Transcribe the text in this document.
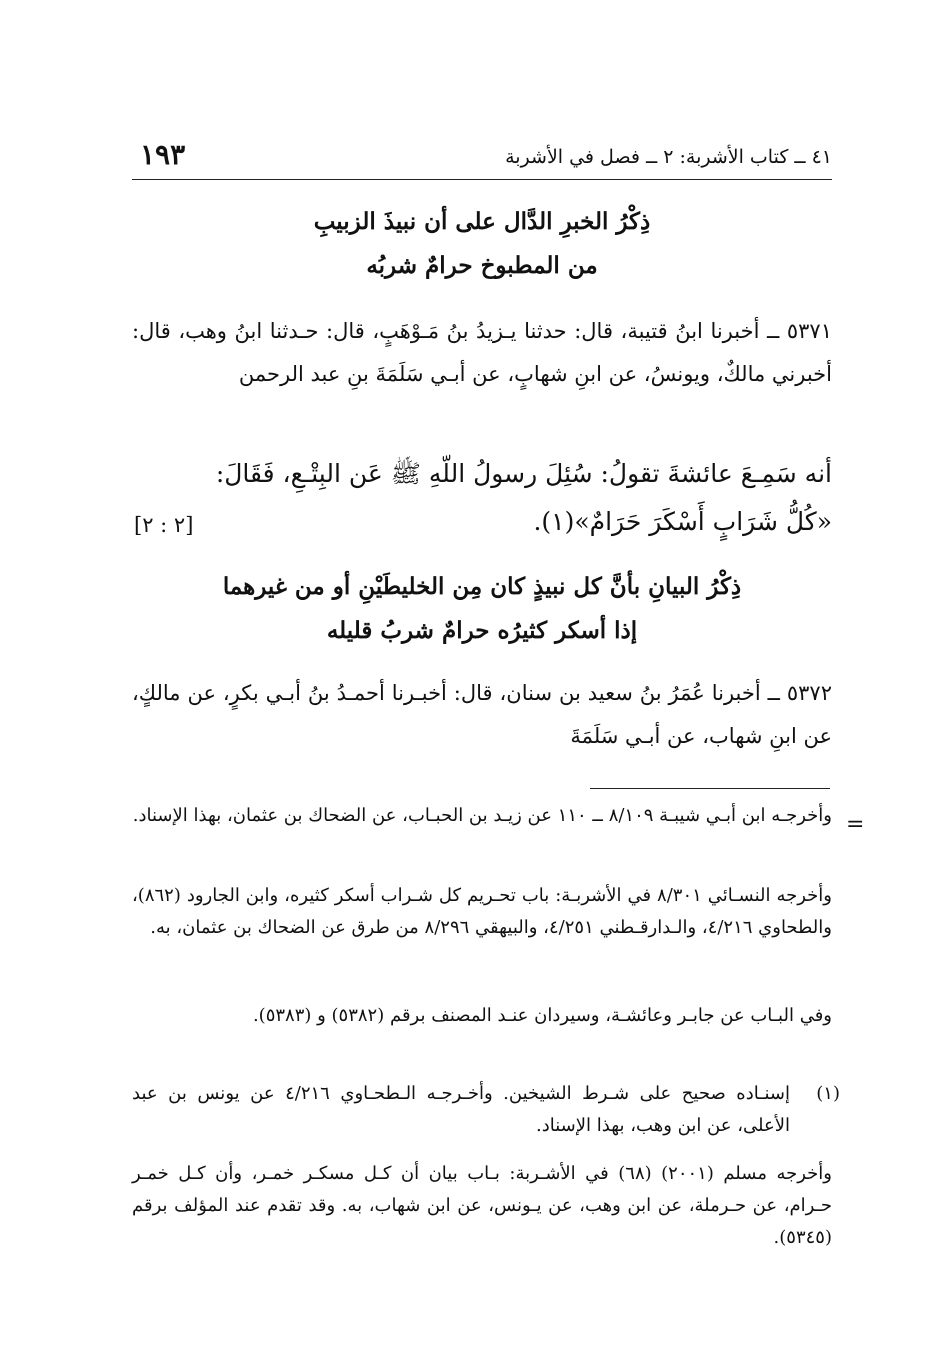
١٩٣	٤١ ــ كتاب الأشربة: ٢ ــ فصل في الأشربة
ذِكْرُ الخبرِ الدَّال على أن نبيذَ الزبيبِ
من المطبوخ حرامٌ شربُه
٥٣٧١ ــ أخبرنا ابنُ قتيبة، قال: حدثنا يـزيدُ بنُ مَـوْهَبٍ، قال: حـدثنا ابنُ وهب، قال: أخبرني مالكٌ، ويونسُ، عن ابنِ شهابٍ، عن أبـي سَلَمَةَ بنِ عبد الرحمن
أنه سَمِـعَ عائشةَ تقولُ: سُئِلَ رسولُ اللّهِ ﷺ عَن البِتْـعِ، فَقَالَ:
«كُلُّ شَرَابٍ أَسْكَرَ حَرَامٌ»(١).
[٢ : ٢]
ذِكْرُ البيانِ بأنَّ كل نبيذٍ كان مِن الخليطَيْنِ أو من غيرهما
إذا أسكر كثيرُه حرامٌ شربُ قليله
٥٣٧٢ ــ أخبرنا عُمَرُ بنُ سعيد بن سنان، قال: أخبـرنا أحمـدُ بنُ أبـي بكرٍ، عن مالكٍ، عن ابنِ شهاب، عن أبـي سَلَمَةَ
=
وأخرجـه ابن أبـي شيبـة ٨/١٠٩ ــ ١١٠ عن زيـد بن الحبـاب، عن الضحاك بن عثمان، بهذا الإسناد.
وأخرجه النسـائي ٨/٣٠١ في الأشربـة: باب تحـريم كل شـراب أسكر كثيره، وابن الجارود (٨٦٢)، والطحاوي ٤/٢١٦، والـدارقـطني ٤/٢٥١، والبيهقي ٨/٢٩٦ من طرق عن الضحاك بن عثمان، به.
وفي البـاب عن جابـر وعائشـة، وسيردان عنـد المصنف برقم (٥٣٨٢) و (٥٣٨٣).
(١)
إسنـاده صحيح على شـرط الشيخين. وأخـرجـه الـطحـاوي ٤/٢١٦ عن يونس بن عبد الأعلى، عن ابن وهب، بهذا الإسناد.
وأخرجه مسلم (٢٠٠١) (٦٨) في الأشـربة: بـاب بيان أن كـل مسكـر خمـر، وأن كـل خمـر حـرام، عن حـرملة، عن ابن وهب، عن يـونس، عن ابن شهاب، به. وقد تقدم عند المؤلف برقم (٥٣٤٥).
